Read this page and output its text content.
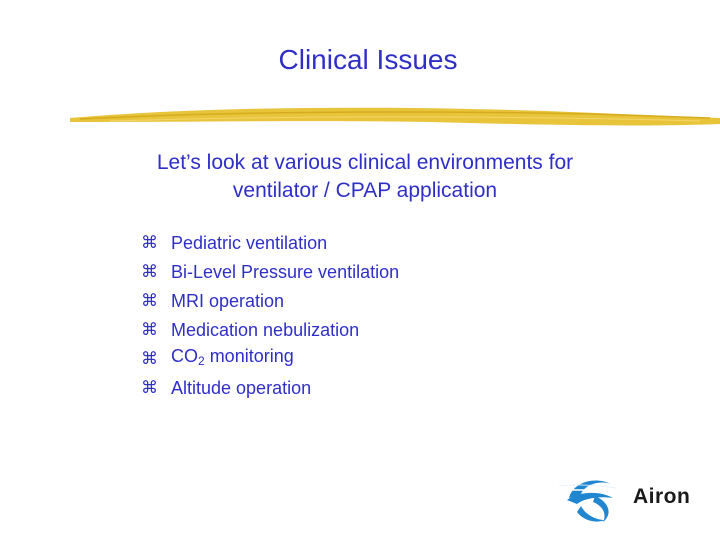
Clinical Issues
Let’s look at various clinical environments for ventilator / CPAP application
⌘ Pediatric ventilation
⌘ Bi-Level Pressure ventilation
⌘ MRI operation
⌘ Medication nebulization
⌘ $CO_2$ monitoring
⌘ Altitude operation
Airon
